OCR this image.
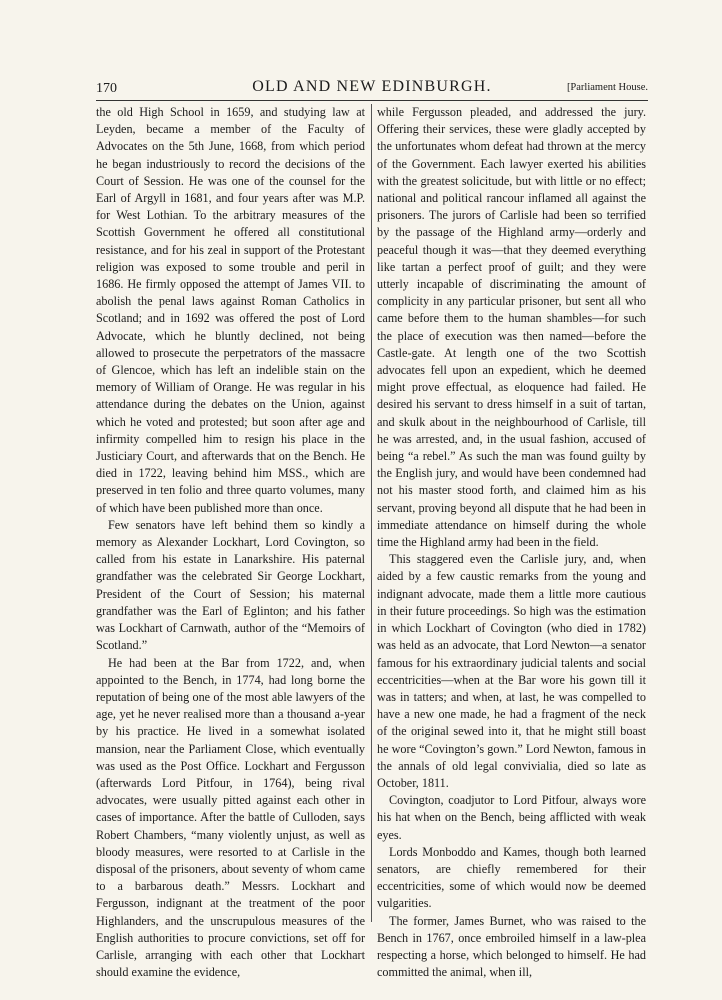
170	OLD AND NEW EDINBURGH.	[Parliament House.

the old High School in 1659, and studying law at Leyden, became a member of the Faculty of Advocates on the 5th June, 1668, from which period he began industriously to record the decisions of the Court of Session. He was one of the counsel for the Earl of Argyll in 1681, and four years after was M.P. for West Lothian. To the arbitrary measures of the Scottish Government he offered all constitutional resistance, and for his zeal in support of the Protestant religion was exposed to some trouble and peril in 1686. He firmly opposed the attempt of James VII. to abolish the penal laws against Roman Catholics in Scotland; and in 1692 was offered the post of Lord Advocate, which he bluntly declined, not being allowed to prosecute the perpetrators of the massacre of Glencoe, which has left an indelible stain on the memory of William of Orange. He was regular in his attendance during the debates on the Union, against which he voted and protested; but soon after age and infirmity compelled him to resign his place in the Justiciary Court, and afterwards that on the Bench. He died in 1722, leaving behind him MSS., which are preserved in ten folio and three quarto volumes, many of which have been published more than once.

Few senators have left behind them so kindly a memory as Alexander Lockhart, Lord Covington, so called from his estate in Lanarkshire. His paternal grandfather was the celebrated Sir George Lockhart, President of the Court of Session; his maternal grandfather was the Earl of Eglinton; and his father was Lockhart of Carnwath, author of the “Memoirs of Scotland.”

He had been at the Bar from 1722, and, when appointed to the Bench, in 1774, had long borne the reputation of being one of the most able lawyers of the age, yet he never realised more than a thousand a-year by his practice. He lived in a somewhat isolated mansion, near the Parliament Close, which eventually was used as the Post Office. Lockhart and Fergusson (afterwards Lord Pitfour, in 1764), being rival advocates, were usually pitted against each other in cases of importance. After the battle of Culloden, says Robert Chambers, “many violently unjust, as well as bloody measures, were resorted to at Carlisle in the disposal of the prisoners, about seventy of whom came to a barbarous death.” Messrs. Lockhart and Fergusson, indignant at the treatment of the poor Highlanders, and the unscrupulous measures of the English authorities to procure convictions, set off for Carlisle, arranging with each other that Lockhart should examine the evidence,

while Fergusson pleaded, and addressed the jury. Offering their services, these were gladly accepted by the unfortunates whom defeat had thrown at the mercy of the Government. Each lawyer exerted his abilities with the greatest solicitude, but with little or no effect; national and political rancour inflamed all against the prisoners. The jurors of Carlisle had been so terrified by the passage of the Highland army—orderly and peaceful though it was—that they deemed everything like tartan a perfect proof of guilt; and they were utterly incapable of discriminating the amount of complicity in any particular prisoner, but sent all who came before them to the human shambles—for such the place of execution was then named—before the Castle-gate. At length one of the two Scottish advocates fell upon an expedient, which he deemed might prove effectual, as eloquence had failed. He desired his servant to dress himself in a suit of tartan, and skulk about in the neighbourhood of Carlisle, till he was arrested, and, in the usual fashion, accused of being “a rebel.” As such the man was found guilty by the English jury, and would have been condemned had not his master stood forth, and claimed him as his servant, proving beyond all dispute that he had been in immediate attendance on himself during the whole time the Highland army had been in the field.

This staggered even the Carlisle jury, and, when aided by a few caustic remarks from the young and indignant advocate, made them a little more cautious in their future proceedings. So high was the estimation in which Lockhart of Covington (who died in 1782) was held as an advocate, that Lord Newton—a senator famous for his extraordinary judicial talents and social eccentricities—when at the Bar wore his gown till it was in tatters; and when, at last, he was compelled to have a new one made, he had a fragment of the neck of the original sewed into it, that he might still boast he wore “Covington’s gown.” Lord Newton, famous in the annals of old legal convivialia, died so late as October, 1811.

Covington, coadjutor to Lord Pitfour, always wore his hat when on the Bench, being afflicted with weak eyes.

Lords Monboddo and Kames, though both learned senators, are chiefly remembered for their eccentricities, some of which would now be deemed vulgarities.

The former, James Burnet, who was raised to the Bench in 1767, once embroiled himself in a law-plea respecting a horse, which belonged to himself. He had committed the animal, when ill,
